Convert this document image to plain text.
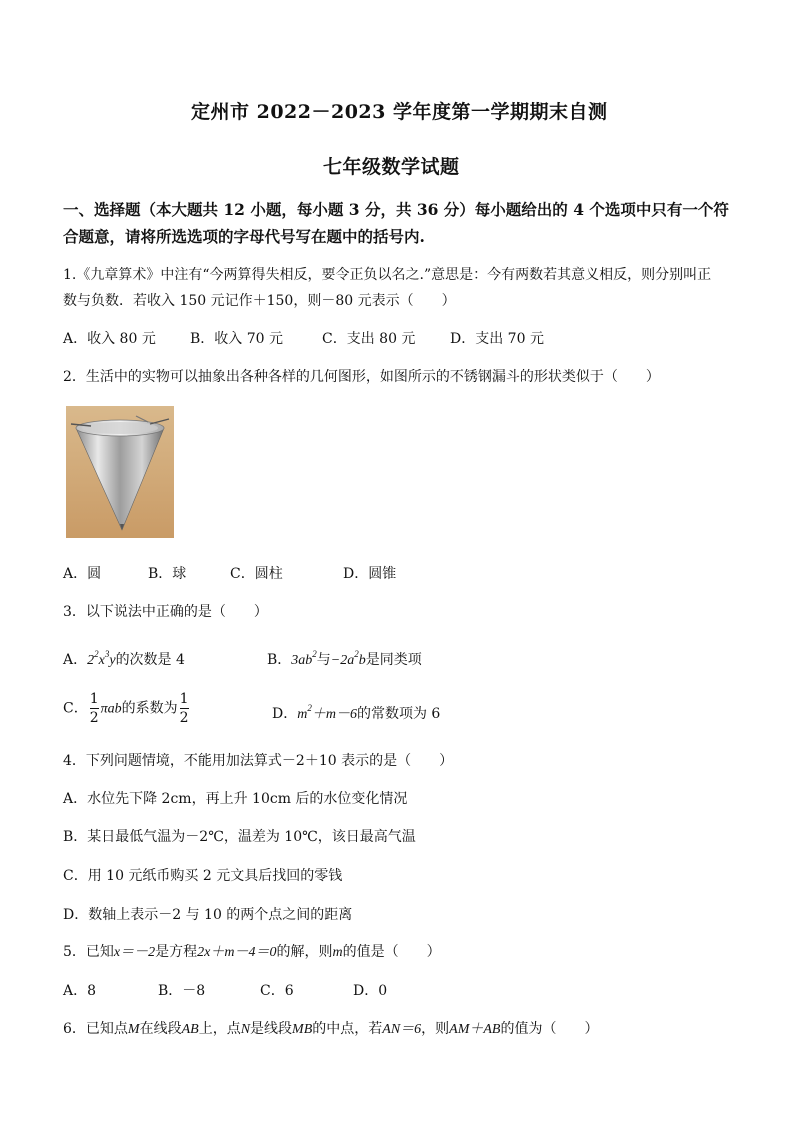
定州市 2022－2023 学年度第一学期期末自测
七年级数学试题
一、选择题（本大题共 12 小题，每小题 3 分，共 36 分）每小题给出的 4 个选项中只有一个符
合题意，请将所选选项的字母代号写在题中的括号内.
1.《九章算术》中注有“今两算得失相反，要令正负以名之.”意思是：今有两数若其意义相反，则分别叫正
数与负数．若收入 150 元记作＋150，则－80 元表示（　　）
A．收入 80 元 B．收入 70 元	C．支出 80 元 D．支出 70 元
2．生活中的实物可以抽象出各种各样的几何图形，如图所示的不锈钢漏斗的形状类似于（　　）
A．圆	B．球	C．圆柱	D．圆锥
3．以下说法中正确的是（　　）
A．$2^2x^3y$的次数是 4	B．$3ab^2$与$-2a^2b$是同类项
C． $\frac{1}{2}$ πab的系数为 $\frac{1}{2}$	D．$m^2+m-6$的常数项为 6
4．下列问题情境，不能用加法算式－2＋10 表示的是（　　）
A．水位先下降 2cm，再上升 10cm 后的水位变化情况
B．某日最低气温为－2℃，温差为 10℃，该日最高气温
C．用 10 元纸币购买 2 元文具后找回的零钱
D．数轴上表示－2 与 10 的两个点之间的距离
5．已知x＝－2是方程2x＋m－4＝0的解，则m的值是（　　）
A．8	B．－8	C．6	D．0
6．已知点M在线段AB上，点N是线段MB的中点，若AN＝6，则AM＋AB的值为（　　）
